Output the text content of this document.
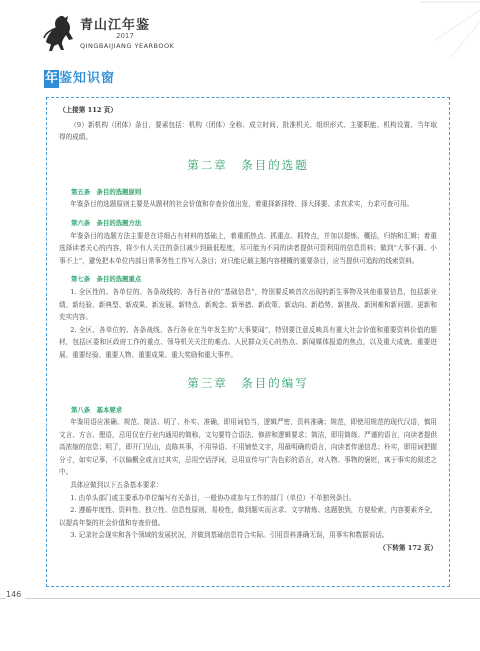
青山江年鉴
2017
QINGBAIJIANG YEARBOOK
年 鉴知识窗

（上接第 112 页）

（9）新机构（团体）条目，要素包括：机构（团体）全称、成立时间、批准机关、组织形式、主要职能、机构设置、当年取得的成绩。

第二章　条目的选题

第五条　条目的选题原则

年鉴条目的选题原则主要是从题材的社会价值和存查价值出发，着重择新择特、择大择要、求真求实，力求可查可用。

第六条　条目的选题方法

年鉴条目的选题方法主要是在详细占有材料的基础上，着重抓热点、抓重点、抓特点，并加以提炼、概括，归纳和汇辑；着重选择读者关心的内容，将少有人关注的条目减少到最低程度，尽可能为不同的读者提供可资利用的信息资料；做到“大事不漏、小事不上”，避免把本单位内部日常事务性工作写入条目；对只能记载主题内容梗概的重要条目，应当提供可追踪的线索资料。

第七条　条目的选题重点

1. 全区性的、各单位的、各条战线的、各行各业的“基础信息”，特别要反映首次出现的新生事物及其他重要信息，包括新业绩、新经验、新典型、新成果、新发展、新特点、新观念、新举措、新政策、新动向、新趋势、新挑战、新困难和新问题、更新和充实内容。

2. 全区、各单位的、各条战线、各行各业在当年发生的“大事要闻”，特别要注意反映具有重大社会价值和重要资料价值的题材，包括区委和区政府工作的重点、领导机关关注的难点、人民群众关心的热点、新闻媒体报道的焦点，以及重大成就、重要进展、重要经验、重要人物、重要成果、重大奖励和重大事件。

第三章　条目的编写

第八条　基本要求

年鉴用语应准确、规范、简洁、明了、朴实、准确，即用词恰当，逻辑严密，资料准确；规范，即使用规范的现代汉语，慎用文言、方言、俚语，忌用仅在行业内通用的简称，文句要符合语法、修辞和逻辑要求；简洁，即用简练、严谨的语言，向读者提供高浓缩的信息；明了，即开门见山，直陈其事，不用导语、不用铺垫文字，用最明确的语言，向读者传递信息；朴实，即用词把握分寸，如实记事，不以偏概全或言过其实，忌用空话浮词，忌用宣传与广告色彩的语言，对人物、事物的褒贬，寓于事实的叙述之中。

具体应做到以下五条基本要求：

1. 由单头部门或主要承办单位编写有关条目，一般协办或参与工作的部门（单位）不单独列条目。

2. 遵循年度性、资料性、独立性、信息性原则，易检性，做到题实而言求、文字精炼、选题独到，方便检索，内容要素齐全，以提高年鉴的社会价值和存查价值。

3. 记录社会现实和各个领域的发展状况，并做到基础信息符合实际。引用资料准确无误，用事实和数据说话。

（下转第 172 页）

146
